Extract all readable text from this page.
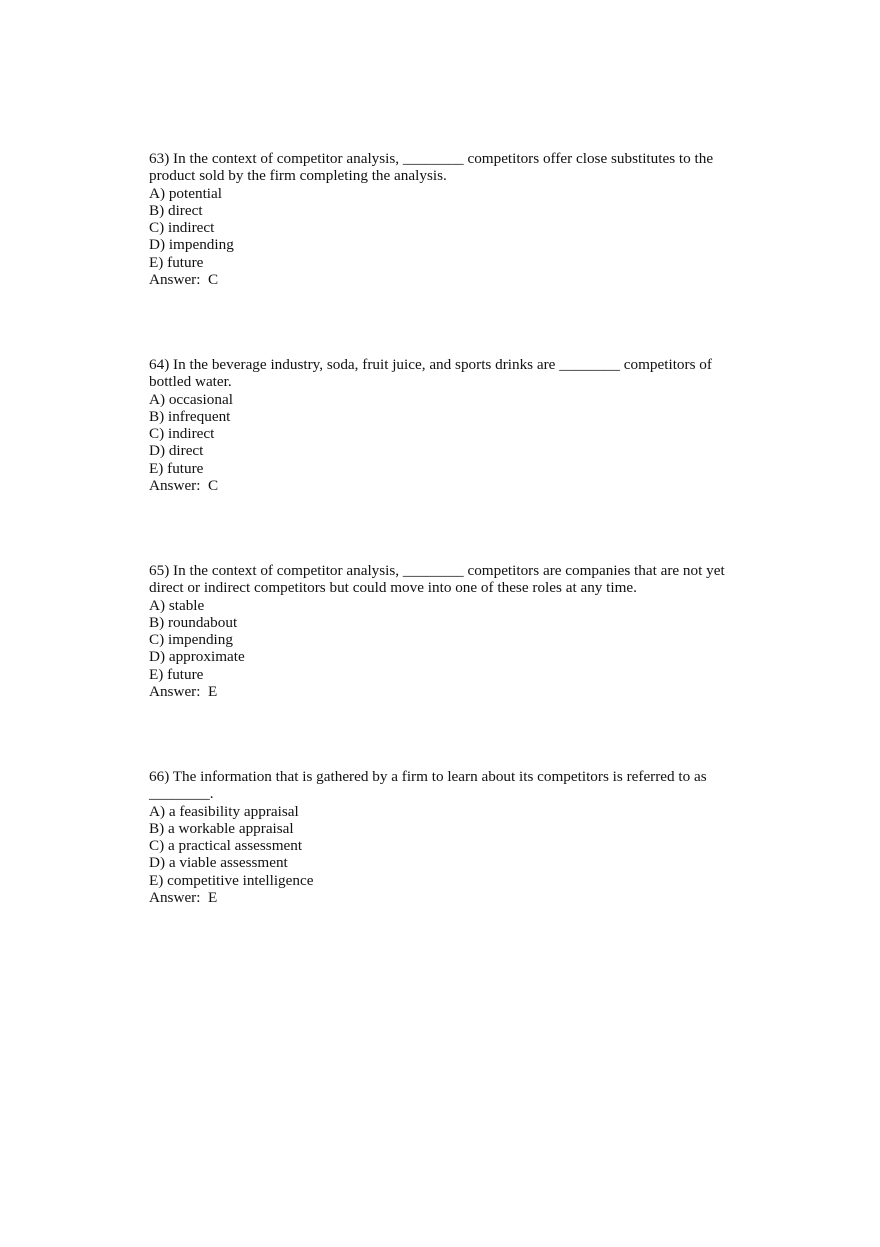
63) In the context of competitor analysis, ________ competitors offer close substitutes to the product sold by the firm completing the analysis.

A) potential
B) direct
C) indirect
D) impending
E) future

Answer:  C

64) In the beverage industry, soda, fruit juice, and sports drinks are ________ competitors of bottled water.

A) occasional
B) infrequent
C) indirect
D) direct
E) future

Answer:  C

65) In the context of competitor analysis, ________ competitors are companies that are not yet direct or indirect competitors but could move into one of these roles at any time.

A) stable
B) roundabout
C) impending
D) approximate
E) future

Answer:  E

66) The information that is gathered by a firm to learn about its competitors is referred to as ________.

A) a feasibility appraisal
B) a workable appraisal
C) a practical assessment
D) a viable assessment
E) competitive intelligence

Answer:  E
